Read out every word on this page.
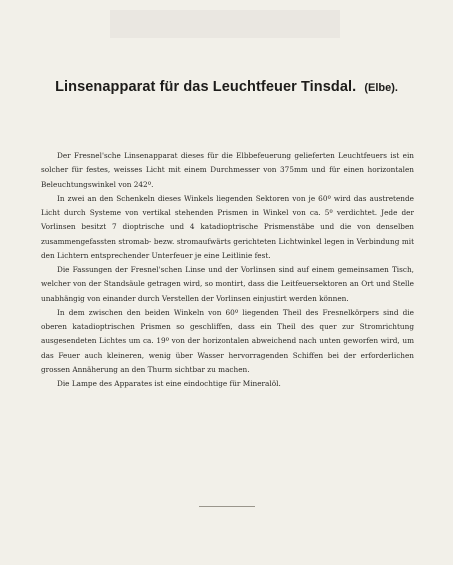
Linsenapparat für das Leuchtfeuer Tinsdal. (Elbe).

Der Fresnel'sche Linsenapparat dieses für die Elbbefeuerung gelieferten Leuchtfeuers ist ein solcher für festes, weisses Licht mit einem Durchmesser von 375mm und für einen horizontalen Beleuchtungswinkel von 242º.

In zwei an den Schenkeln dieses Winkels liegenden Sektoren von je 60º wird das austretende Licht durch Systeme von vertikal stehenden Prismen in Winkel von ca. 5º verdichtet. Jede der Vorlinsen besitzt 7 dioptrische und 4 katadioptrische Prismenstäbe und die von denselben zusammengefassten stromab- bezw. stromaufwärts gerichteten Lichtwinkel legen in Verbindung mit den Lichtern entsprechender Unterfeuer je eine Leitlinie fest.

Die Fassungen der Fresnel'schen Linse und der Vorlinsen sind auf einem gemeinsamen Tisch, welcher von der Standsäule getragen wird, so montirt, dass die Leitfeuersektoren an Ort und Stelle unabhängig von einander durch Verstellen der Vorlinsen einjustirt werden können.

In dem zwischen den beiden Winkeln von 60º liegenden Theil des Fresnelkörpers sind die oberen katadioptrischen Prismen so geschliffen, dass ein Theil des quer zur Stromrichtung ausgesendeten Lichtes um ca. 19º von der horizontalen abweichend nach unten geworfen wird, um das Feuer auch kleineren, wenig über Wasser hervorragenden Schiffen bei der erforderlichen grossen Annäherung an den Thurm sichtbar zu machen.

Die Lampe des Apparates ist eine eindochtige für Mineralöl.
